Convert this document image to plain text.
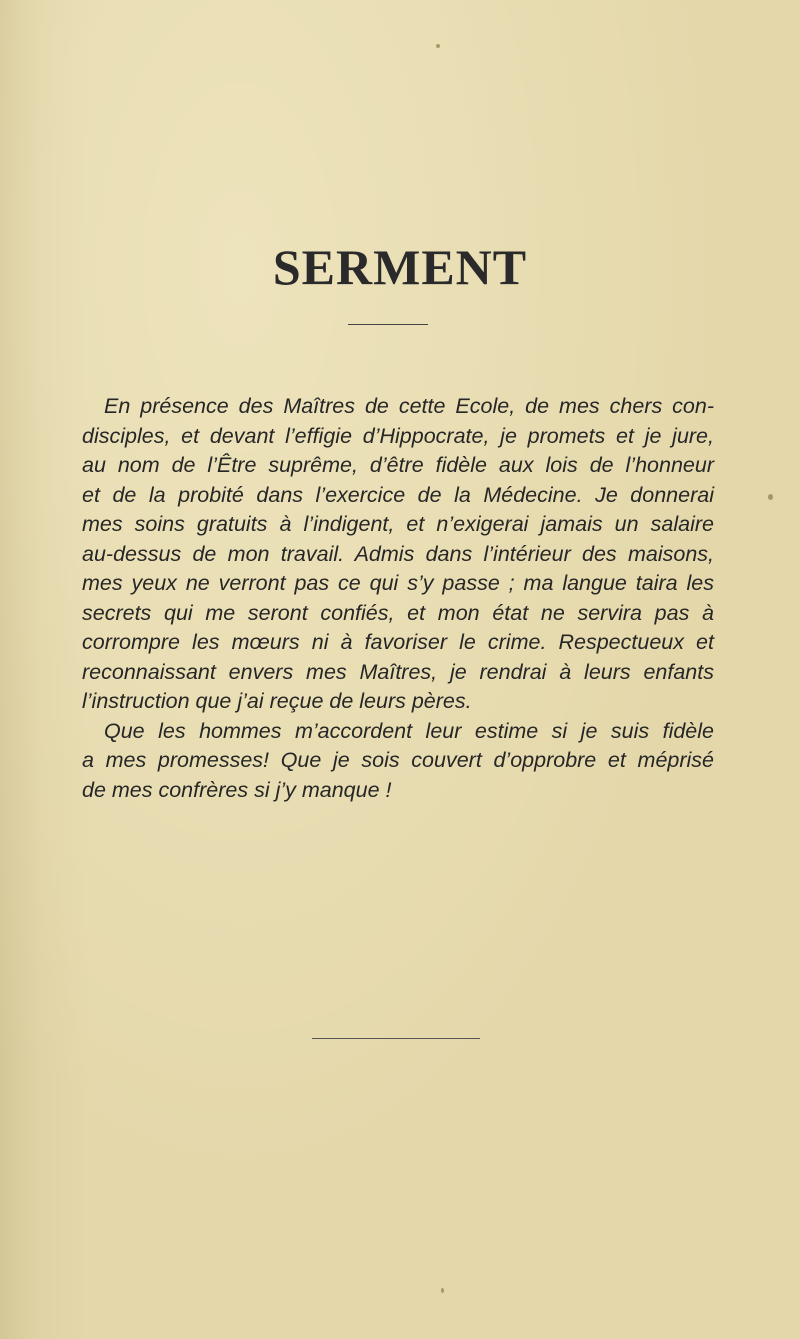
SERMENT
En présence des Maîtres de cette Ecole, de mes chers con-
disciples, et devant l’effigie d’Hippocrate, je promets et je jure,
au nom de l’Être suprême, d’être fidèle aux lois de l’honneur
et de la probité dans l’exercice de la Médecine. Je donnerai
mes soins gratuits à l’indigent, et n’exigerai jamais un salaire
au-dessus de mon travail. Admis dans l’intérieur des maisons,
mes yeux ne verront pas ce qui s’y passe ; ma langue taira les
secrets qui me seront confiés, et mon état ne servira pas à
corrompre les mœurs ni à favoriser le crime. Respectueux et
reconnaissant envers mes Maîtres, je rendrai à leurs enfants
l’instruction que j’ai reçue de leurs pères.
Que les hommes m’accordent leur estime si je suis fidèle
a mes promesses! Que je sois couvert d’opprobre et méprisé
de mes confrères si j’y manque !
